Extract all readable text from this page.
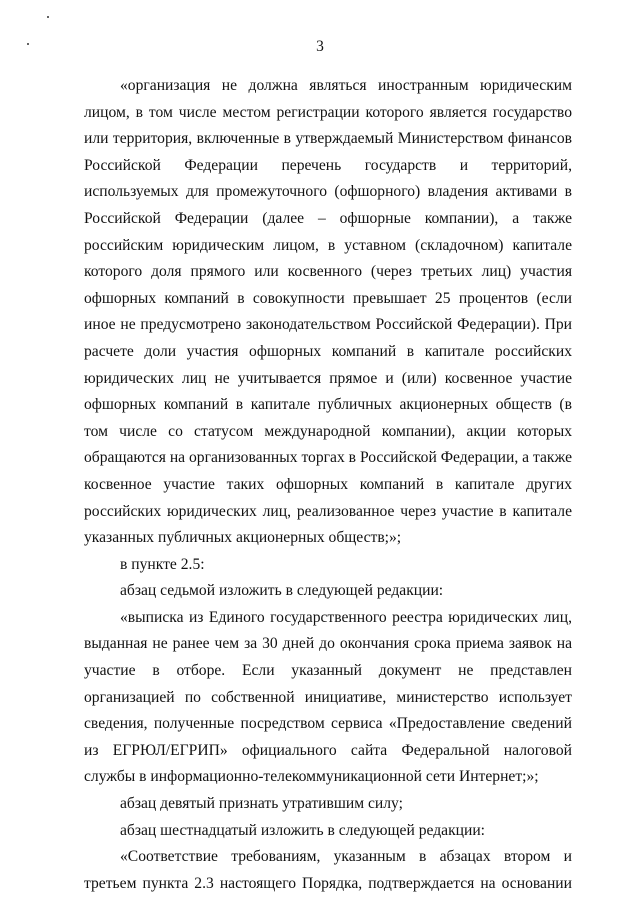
3

«организация не должна являться иностранным юридическим лицом, в том числе местом регистрации которого является государство или территория, включенные в утверждаемый Министерством финансов Российской Федерации перечень государств и территорий, используемых для промежуточного (офшорного) владения активами в Российской Федерации (далее – офшорные компании), а также российским юридическим лицом, в уставном (складочном) капитале которого доля прямого или косвенного (через третьих лиц) участия офшорных компаний в совокупности превышает 25 процентов (если иное не предусмотрено законодательством Российской Федерации). При расчете доли участия офшорных компаний в капитале российских юридических лиц не учитывается прямое и (или) косвенное участие офшорных компаний в капитале публичных акционерных обществ (в том числе со статусом международной компании), акции которых обращаются на организованных торгах в Российской Федерации, а также косвенное участие таких офшорных компаний в капитале других российских юридических лиц, реализованное через участие в капитале указанных публичных акционерных обществ;»;

в пункте 2.5:

абзац седьмой изложить в следующей редакции:

«выписка из Единого государственного реестра юридических лиц, выданная не ранее чем за 30 дней до окончания срока приема заявок на участие в отборе. Если указанный документ не представлен организацией по собственной инициативе, министерство использует сведения, полученные посредством сервиса «Предоставление сведений из ЕГРЮЛ/ЕГРИП» официального сайта Федеральной налоговой службы в информационно-телекоммуникационной сети Интернет;»;

абзац девятый признать утратившим силу;

абзац шестнадцатый изложить в следующей редакции:

«Соответствие требованиям, указанным в абзацах втором и третьем пункта 2.3 настоящего Порядка, подтверждается на основании
